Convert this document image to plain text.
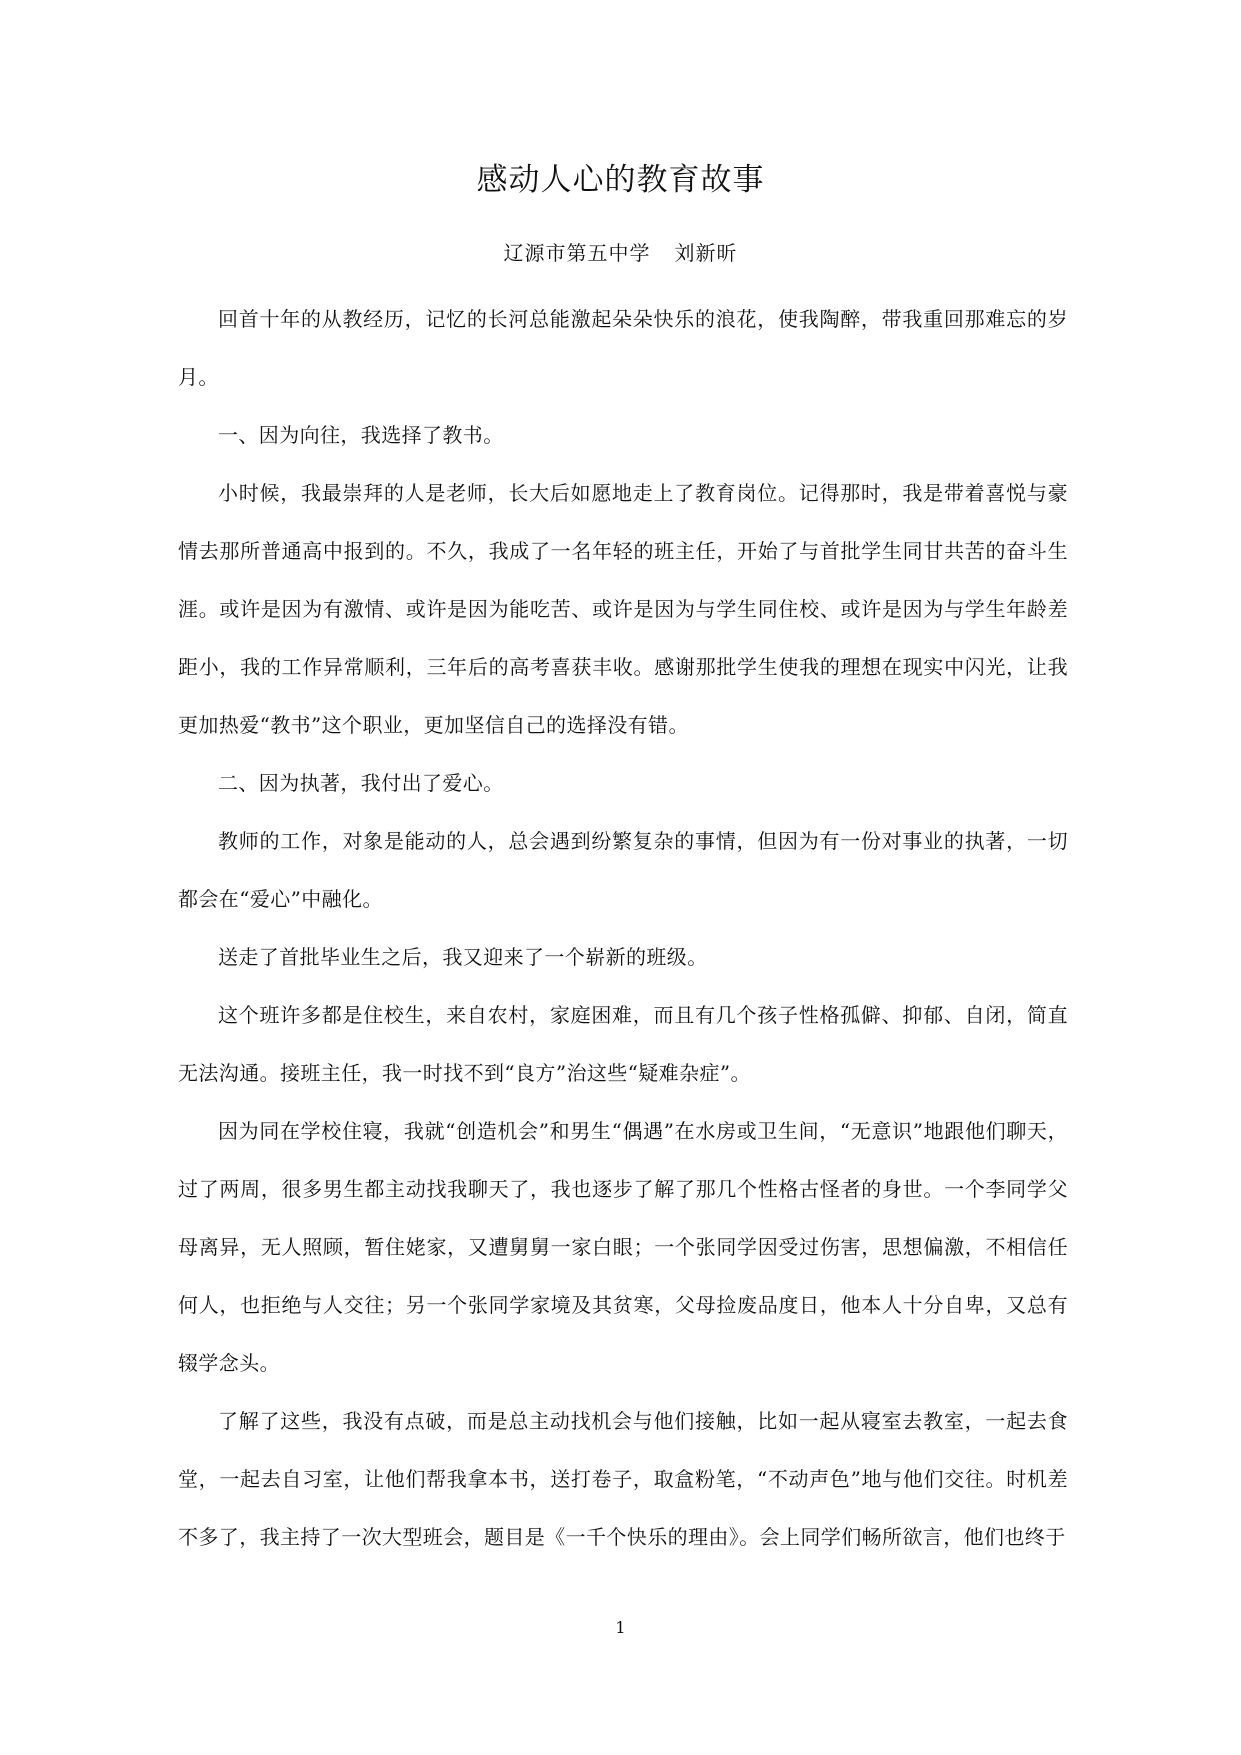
感动人心的教育故事
辽源市第五中学 刘新昕

回首十年的从教经历，记忆的长河总能激起朵朵快乐的浪花，使我陶醉，带我重回那难忘的岁月。

一、因为向往，我选择了教书。

小时候，我最崇拜的人是老师，长大后如愿地走上了教育岗位。记得那时，我是带着喜悦与豪情去那所普通高中报到的。不久，我成了一名年轻的班主任，开始了与首批学生同甘共苦的奋斗生涯。或许是因为有激情、或许是因为能吃苦、或许是因为与学生同住校、或许是因为与学生年龄差距小，我的工作异常顺利，三年后的高考喜获丰收。感谢那批学生使我的理想在现实中闪光，让我更加热爱“教书”这个职业，更加坚信自己的选择没有错。

二、因为执著，我付出了爱心。

教师的工作，对象是能动的人，总会遇到纷繁复杂的事情，但因为有一份对事业的执著，一切都会在“爱心”中融化。

送走了首批毕业生之后，我又迎来了一个崭新的班级。

这个班许多都是住校生，来自农村，家庭困难，而且有几个孩子性格孤僻、抑郁、自闭，简直无法沟通。接班主任，我一时找不到“良方”治这些“疑难杂症”。

因为同在学校住寝，我就“创造机会”和男生“偶遇”在水房或卫生间，“无意识”地跟他们聊天，过了两周，很多男生都主动找我聊天了，我也逐步了解了那几个性格古怪者的身世。一个李同学父母离异，无人照顾，暂住姥家，又遭舅舅一家白眼；一个张同学因受过伤害，思想偏激，不相信任何人，也拒绝与人交往；另一个张同学家境及其贫寒，父母捡废品度日，他本人十分自卑，又总有辍学念头。

了解了这些，我没有点破，而是总主动找机会与他们接触，比如一起从寝室去教室，一起去食堂，一起去自习室，让他们帮我拿本书，送打卷子，取盒粉笔，“不动声色”地与他们交往。时机差不多了，我主持了一次大型班会，题目是《一千个快乐的理由》。会上同学们畅所欲言，他们也终于

1
